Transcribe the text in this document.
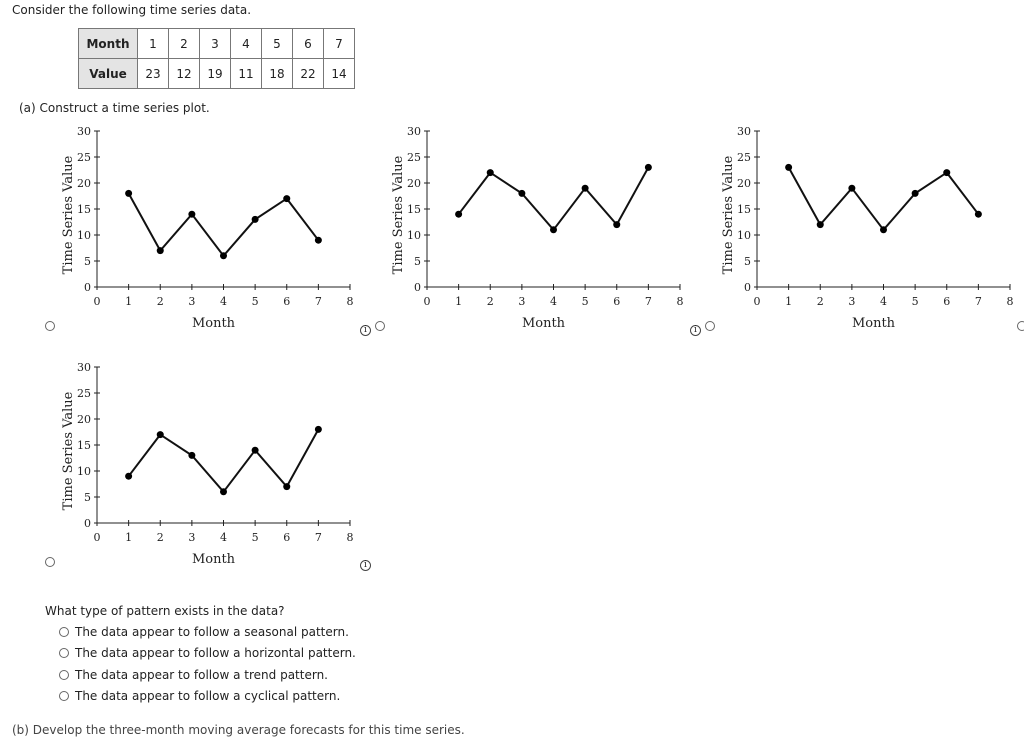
Consider the following time series data.
Month	1	2	3	4	5	6	7
Value	23	12	19	11	18	22	14
(a) Construct a time series plot.
0 1 2 3 4 5 6 7 8
0
5
10
15
20
25
30
Month
Time Series Value
0 1 2 3 4 5 6 7 8
0
5
10
15
20
25
30
Month
Time Series Value
0 1 2 3 4 5 6 7 8
0
5
10
15
20
25
30
Month
Time Series Value
0 1 2 3 4 5 6 7 8
0
5
10
15
20
25
30
Month
Time Series Value
i	i
i
What type of pattern exists in the data?
The data appear to follow a seasonal pattern.
The data appear to follow a horizontal pattern.
The data appear to follow a trend pattern.
The data appear to follow a cyclical pattern.
(b) Develop the three-month moving average forecasts for this time series.
